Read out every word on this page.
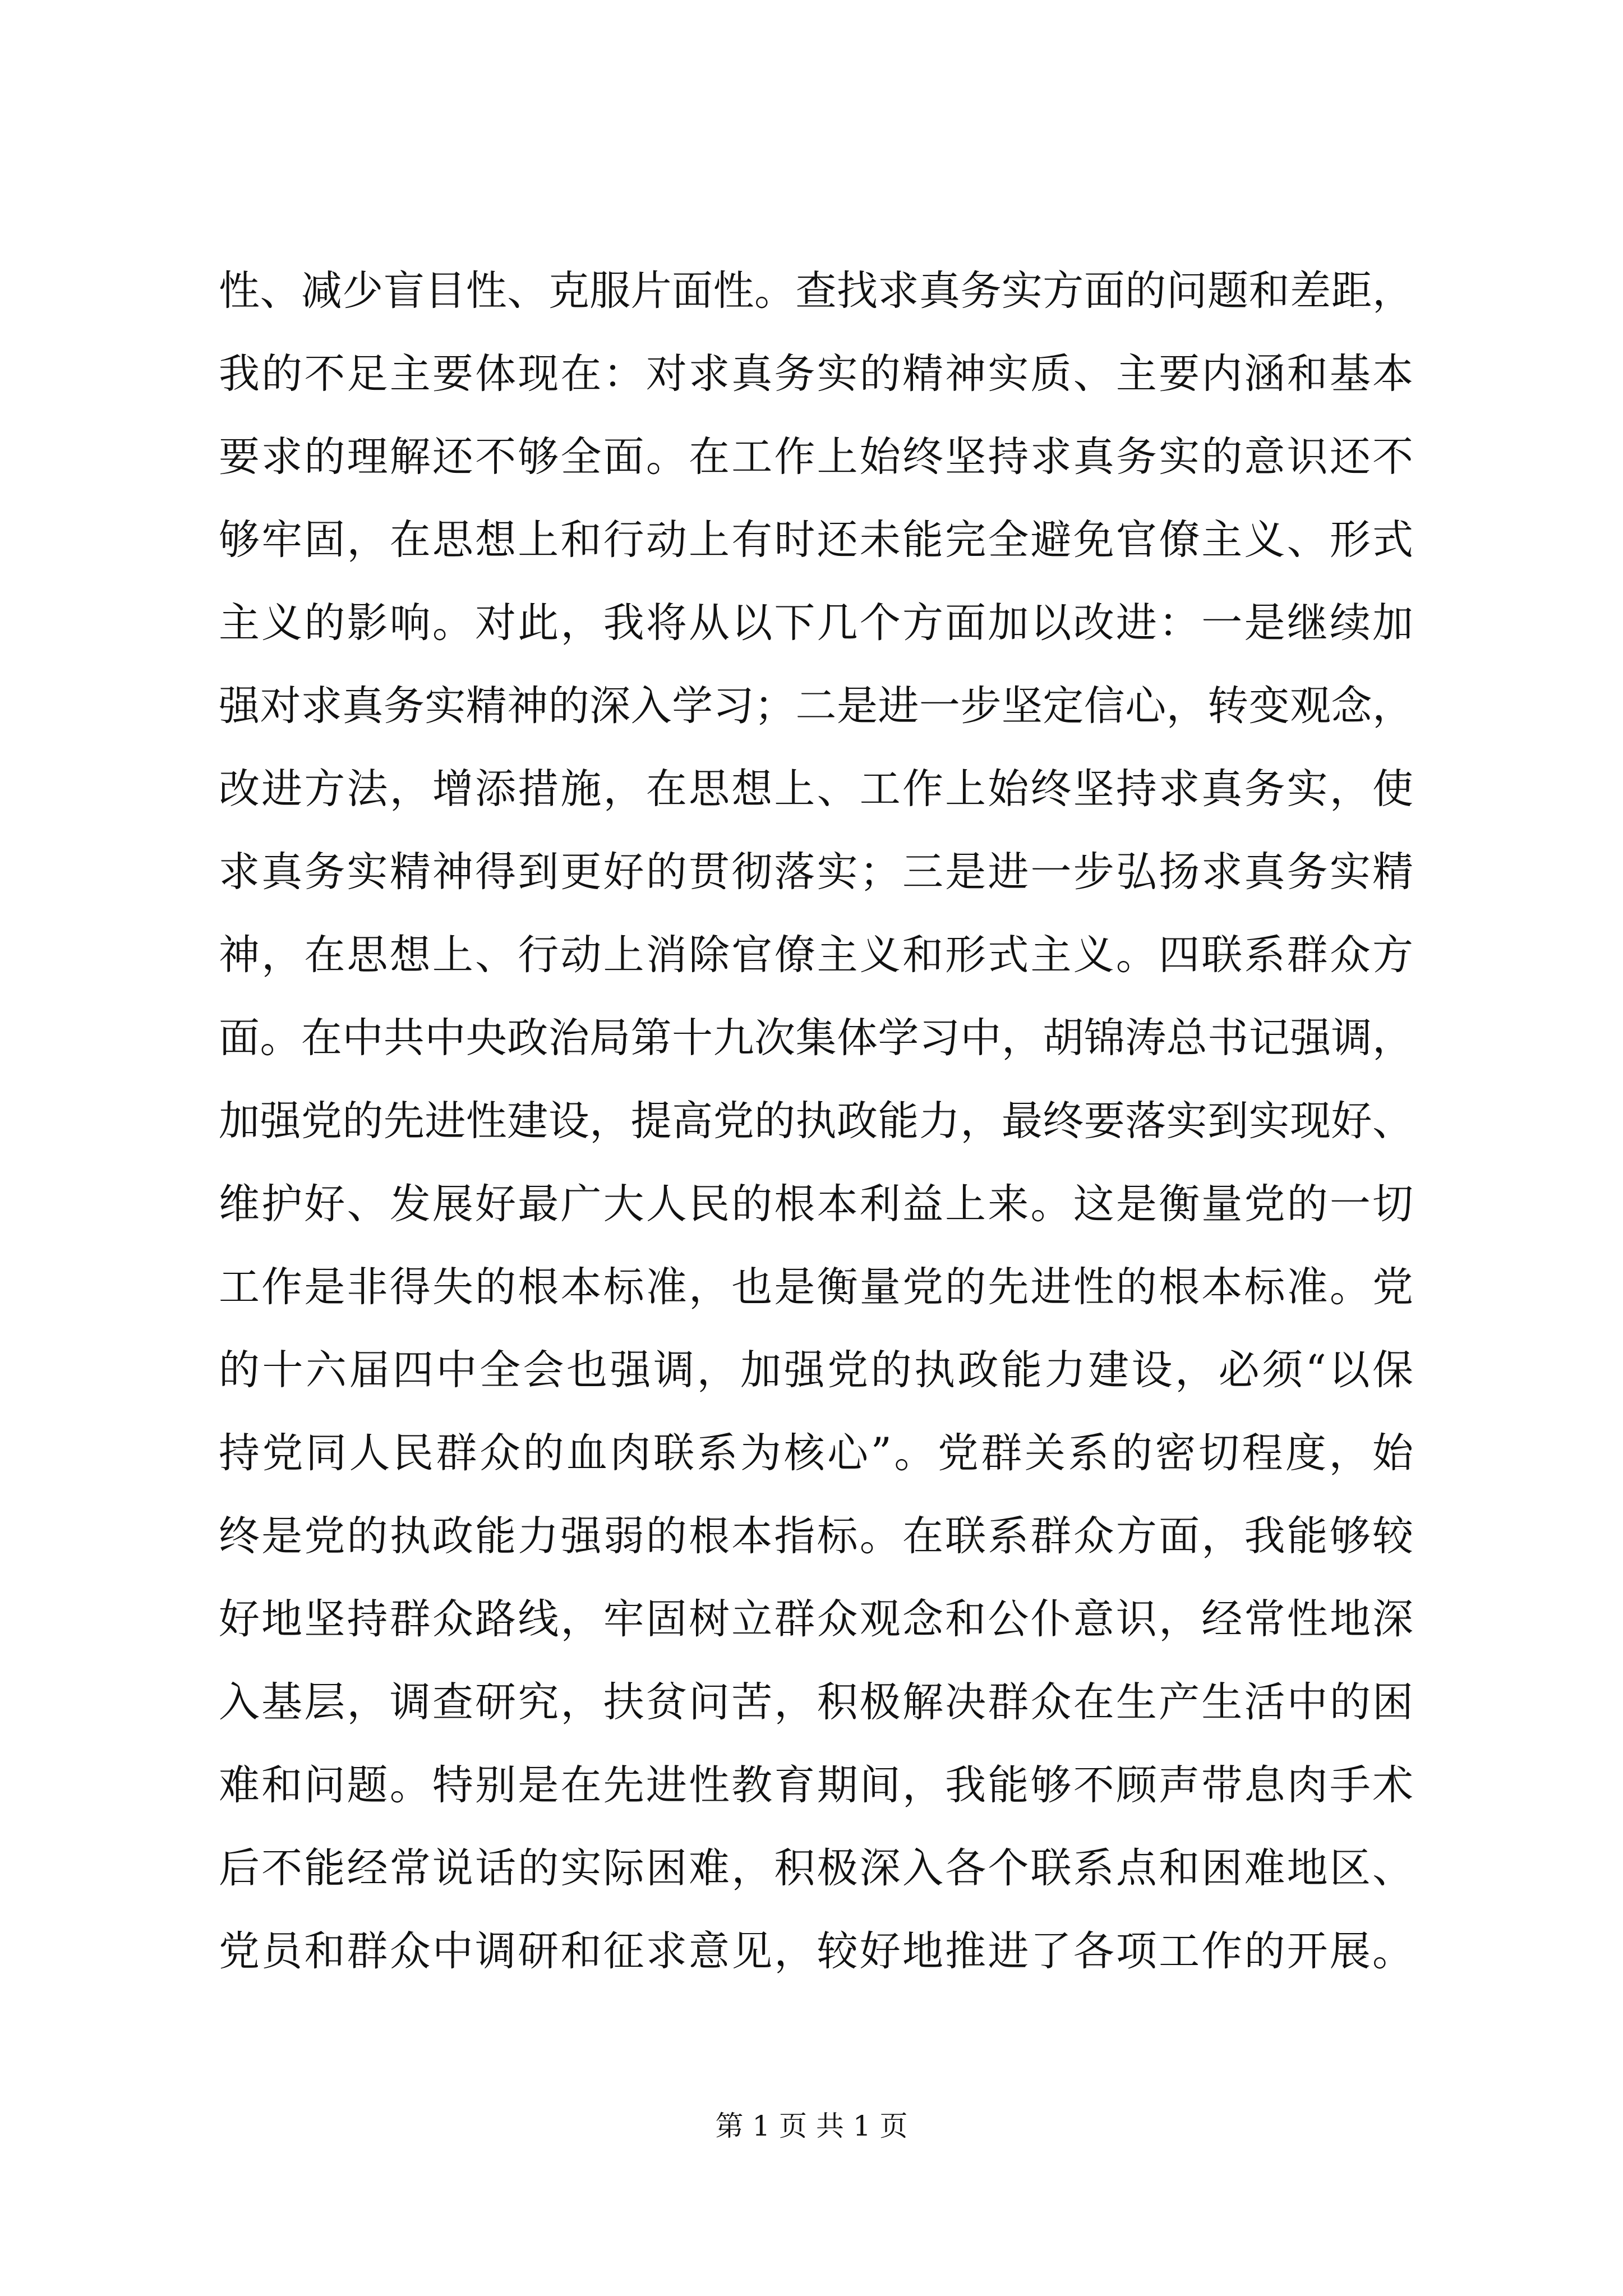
性、减少盲目性、克服片面性。查找求真务实方面的问题和差距，
我的不足主要体现在：对求真务实的精神实质、主要内涵和基本
要求的理解还不够全面。在工作上始终坚持求真务实的意识还不
够牢固，在思想上和行动上有时还未能完全避免官僚主义、形式
主义的影响。对此，我将从以下几个方面加以改进：一是继续加
强对求真务实精神的深入学习；二是进一步坚定信心，转变观念，
改进方法，增添措施，在思想上、工作上始终坚持求真务实，使
求真务实精神得到更好的贯彻落实；三是进一步弘扬求真务实精
神，在思想上、行动上消除官僚主义和形式主义。四联系群众方
面。在中共中央政治局第十九次集体学习中，胡锦涛总书记强调，
加强党的先进性建设，提高党的执政能力，最终要落实到实现好、
维护好、发展好最广大人民的根本利益上来。这是衡量党的一切
工作是非得失的根本标准，也是衡量党的先进性的根本标准。党
的十六届四中全会也强调，加强党的执政能力建设，必须“以保
持党同人民群众的血肉联系为核心”。党群关系的密切程度，始
终是党的执政能力强弱的根本指标。在联系群众方面，我能够较
好地坚持群众路线，牢固树立群众观念和公仆意识，经常性地深
入基层，调查研究，扶贫问苦，积极解决群众在生产生活中的困
难和问题。特别是在先进性教育期间，我能够不顾声带息肉手术
后不能经常说话的实际困难，积极深入各个联系点和困难地区、
党员和群众中调研和征求意见，较好地推进了各项工作的开展。
第 1 页 共 1 页
